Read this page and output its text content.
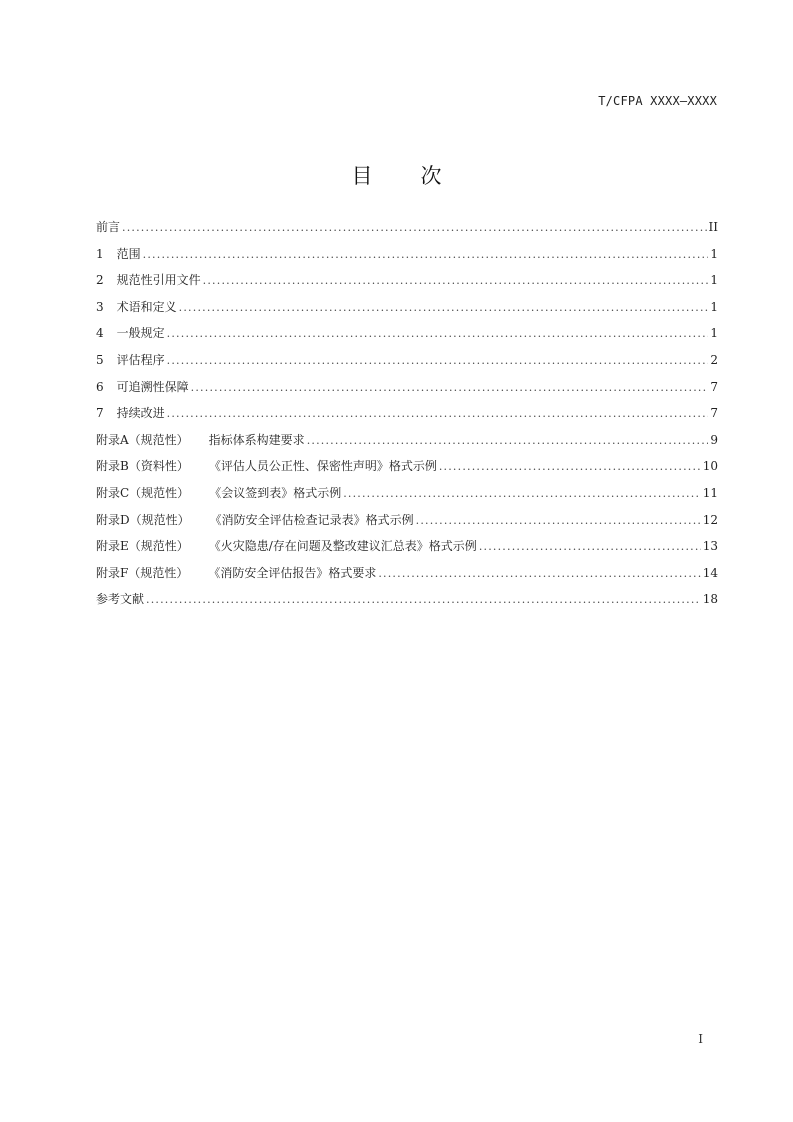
T/CFPA XXXX—XXXX
目 次
前言 .....	II
1 范围 .....	1
2 规范性引用文件 .....	1
3 术语和定义 .....	1
4 一般规定 .....	1
5 评估程序 .....	2
6 可追溯性保障 .....	7
7 持续改进 .....	7
附录A（规范性） 指标体系构建要求 .....	9
附录B（资料性） 《评估人员公正性、保密性声明》格式示例 .....	10
附录C（规范性） 《会议签到表》格式示例 .....	11
附录D（规范性） 《消防安全评估检查记录表》格式示例 .....	12
附录E（规范性） 《火灾隐患/存在问题及整改建议汇总表》格式示例 .....	13
附录F（规范性） 《消防安全评估报告》格式要求 .....	14
参考文献 .....	18
I
